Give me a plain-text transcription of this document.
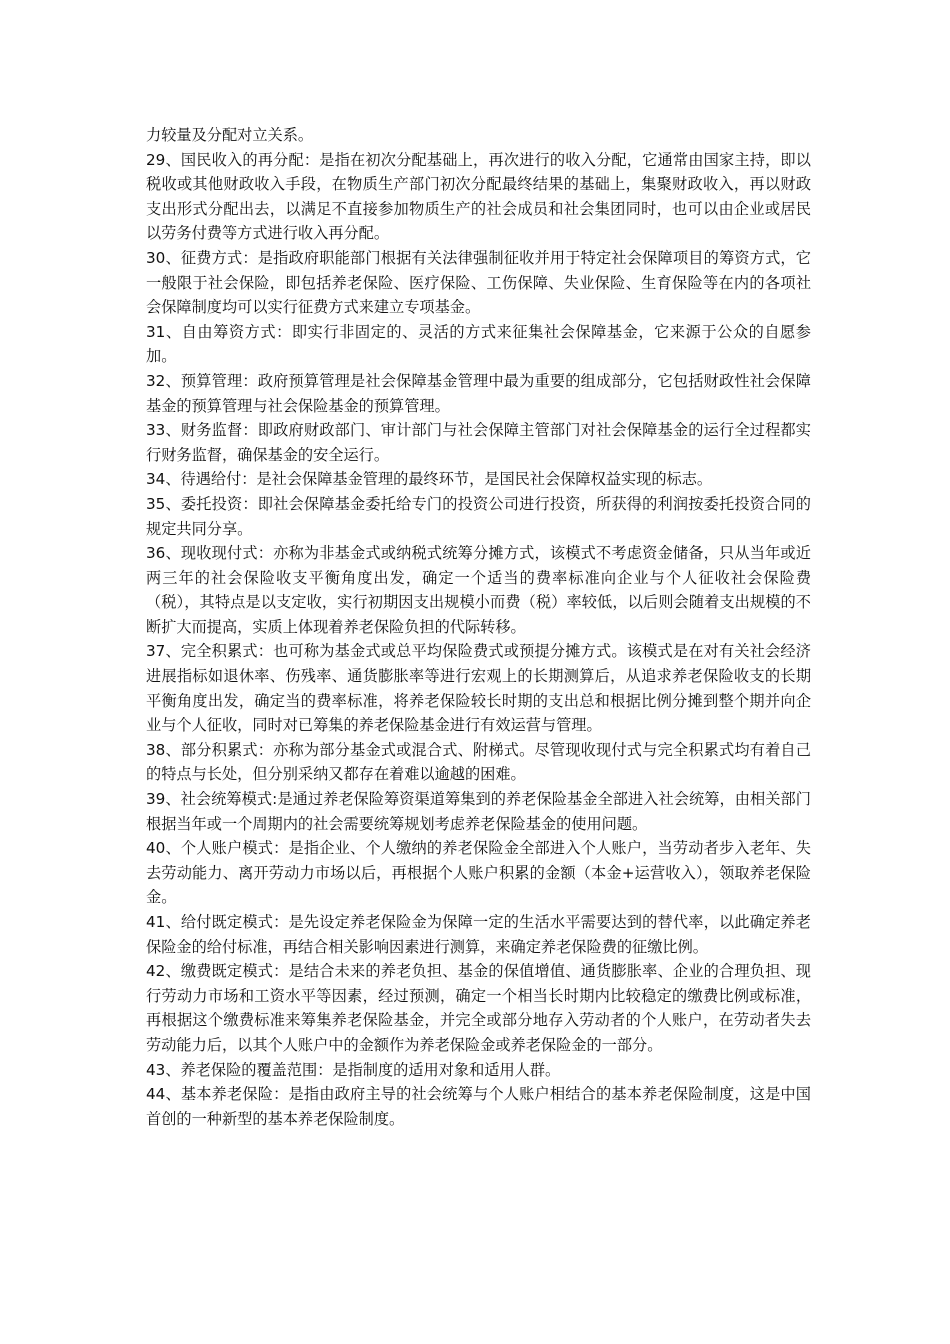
力较量及分配对立关系。

29、国民收入的再分配：是指在初次分配基础上，再次进行的收入分配，它通常由国家主持，即以税收或其他财政收入手段，在物质生产部门初次分配最终结果的基础上，集聚财政收入，再以财政支出形式分配出去，以满足不直接参加物质生产的社会成员和社会集团同时，也可以由企业或居民以劳务付费等方式进行收入再分配。

30、征费方式：是指政府职能部门根据有关法律强制征收并用于特定社会保障项目的筹资方式，它一般限于社会保险，即包括养老保险、医疗保险、工伤保障、失业保险、生育保险等在内的各项社会保障制度均可以实行征费方式来建立专项基金。

31、自由筹资方式：即实行非固定的、灵活的方式来征集社会保障基金，它来源于公众的自愿参加。

32、预算管理：政府预算管理是社会保障基金管理中最为重要的组成部分，它包括财政性社会保障基金的预算管理与社会保险基金的预算管理。

33、财务监督：即政府财政部门、审计部门与社会保障主管部门对社会保障基金的运行全过程都实行财务监督，确保基金的安全运行。

34、待遇给付：是社会保障基金管理的最终环节，是国民社会保障权益实现的标志。

35、委托投资：即社会保障基金委托给专门的投资公司进行投资，所获得的利润按委托投资合同的规定共同分享。

36、现收现付式：亦称为非基金式或纳税式统筹分摊方式，该模式不考虑资金储备，只从当年或近两三年的社会保险收支平衡角度出发，确定一个适当的费率标准向企业与个人征收社会保险费（税），其特点是以支定收，实行初期因支出规模小而费（税）率较低，以后则会随着支出规模的不断扩大而提高，实质上体现着养老保险负担的代际转移。

37、完全积累式：也可称为基金式或总平均保险费式或预提分摊方式。该模式是在对有关社会经济进展指标如退休率、伤残率、通货膨胀率等进行宏观上的长期测算后，从追求养老保险收支的长期平衡角度出发，确定当的费率标准，将养老保险较长时期的支出总和根据比例分摊到整个期并向企业与个人征收，同时对已筹集的养老保险基金进行有效运营与管理。

38、部分积累式：亦称为部分基金式或混合式、附梯式。尽管现收现付式与完全积累式均有着自己的特点与长处，但分别采纳又都存在着难以逾越的困难。

39、社会统筹模式:是通过养老保险筹资渠道筹集到的养老保险基金全部进入社会统筹，由相关部门根据当年或一个周期内的社会需要统筹规划考虑养老保险基金的使用问题。

40、个人账户模式：是指企业、个人缴纳的养老保险金全部进入个人账户，当劳动者步入老年、失去劳动能力、离开劳动力市场以后，再根据个人账户积累的金额（本金+运营收入），领取养老保险金。

41、给付既定模式：是先设定养老保险金为保障一定的生活水平需要达到的替代率，以此确定养老保险金的给付标准，再结合相关影响因素进行测算，来确定养老保险费的征缴比例。

42、缴费既定模式：是结合未来的养老负担、基金的保值增值、通货膨胀率、企业的合理负担、现行劳动力市场和工资水平等因素，经过预测，确定一个相当长时期内比较稳定的缴费比例或标准，再根据这个缴费标准来筹集养老保险基金，并完全或部分地存入劳动者的个人账户，在劳动者失去劳动能力后，以其个人账户中的金额作为养老保险金或养老保险金的一部分。

43、养老保险的覆盖范围：是指制度的适用对象和适用人群。

44、基本养老保险：是指由政府主导的社会统筹与个人账户相结合的基本养老保险制度，这是中国首创的一种新型的基本养老保险制度。
